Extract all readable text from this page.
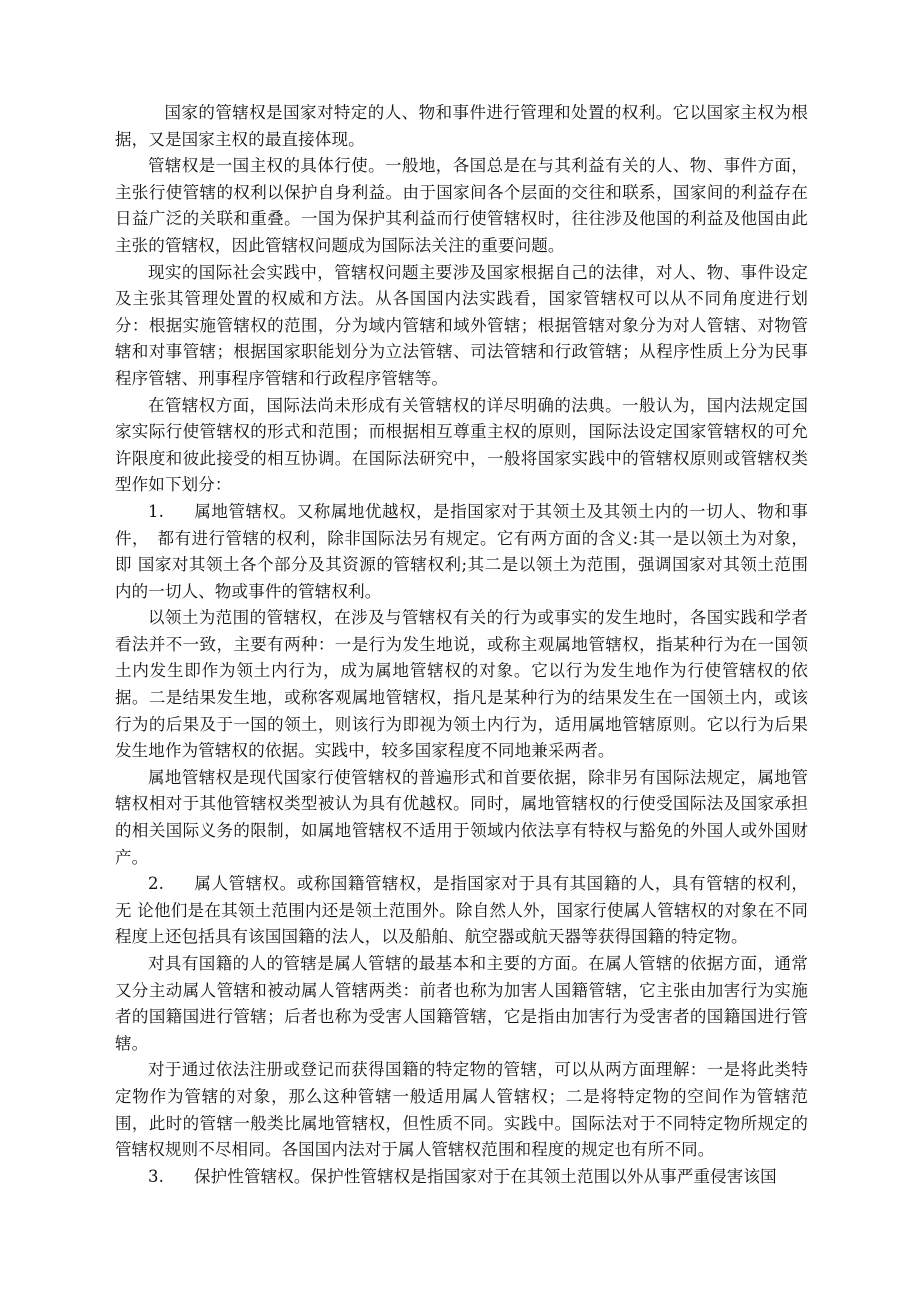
国家的管辖权是国家对特定的人、物和事件进行管理和处置的权利。它以国家主权为根据，又是国家主权的最直接体现。

管辖权是一国主权的具体行使。一般地，各国总是在与其利益有关的人、物、事件方面，主张行使管辖的权利以保护自身利益。由于国家间各个层面的交往和联系，国家间的利益存在日益广泛的关联和重叠。一国为保护其利益而行使管辖权时，往往涉及他国的利益及他国由此主张的管辖权，因此管辖权问题成为国际法关注的重要问题。

现实的国际社会实践中，管辖权问题主要涉及国家根据自己的法律，对人、物、事件设定及主张其管理处置的权威和方法。从各国国内法实践看，国家管辖权可以从不同角度进行划分：根据实施管辖权的范围，分为域内管辖和域外管辖；根据管辖对象分为对人管辖、对物管辖和对事管辖；根据国家职能划分为立法管辖、司法管辖和行政管辖；从程序性质上分为民事程序管辖、刑事程序管辖和行政程序管辖等。

在管辖权方面，国际法尚未形成有关管辖权的详尽明确的法典。一般认为，国内法规定国家实际行使管辖权的形式和范围；而根据相互尊重主权的原则，国际法设定国家管辖权的可允许限度和彼此接受的相互协调。在国际法研究中，一般将国家实践中的管辖权原则或管辖权类型作如下划分：

1. 属地管辖权。又称属地优越权，是指国家对于其领土及其领土内的一切人、物和事件，　都有进行管辖的权利，除非国际法另有规定。它有两方面的含义:其一是以领土为对象，即 国家对其领土各个部分及其资源的管辖权利;其二是以领土为范围，强调国家对其领土范围 内的一切人、物或事件的管辖权利。

以领土为范围的管辖权，在涉及与管辖权有关的行为或事实的发生地时，各国实践和学者看法并不一致，主要有两种：一是行为发生地说，或称主观属地管辖权，指某种行为在一国领土内发生即作为领土内行为，成为属地管辖权的对象。它以行为发生地作为行使管辖权的依据。二是结果发生地，或称客观属地管辖权，指凡是某种行为的结果发生在一国领土内，或该行为的后果及于一国的领土，则该行为即视为领土内行为，适用属地管辖原则。它以行为后果发生地作为管辖权的依据。实践中，较多国家程度不同地兼采两者。

属地管辖权是现代国家行使管辖权的普遍形式和首要依据，除非另有国际法规定，属地管辖权相对于其他管辖权类型被认为具有优越权。同时，属地管辖权的行使受国际法及国家承担的相关国际义务的限制，如属地管辖权不适用于领域内依法享有特权与豁免的外国人或外国财产。

2. 属人管辖权。或称国籍管辖权，是指国家对于具有其国籍的人，具有管辖的权利，无 论他们是在其领土范围内还是领土范围外。除自然人外，国家行使属人管辖权的对象在不同 程度上还包括具有该国国籍的法人，以及船舶、航空器或航天器等获得国籍的特定物。

对具有国籍的人的管辖是属人管辖的最基本和主要的方面。在属人管辖的依据方面，通常又分主动属人管辖和被动属人管辖两类：前者也称为加害人国籍管辖，它主张由加害行为实施者的国籍国进行管辖；后者也称为受害人国籍管辖，它是指由加害行为受害者的国籍国进行管辖。

对于通过依法注册或登记而获得国籍的特定物的管辖，可以从两方面理解：一是将此类特定物作为管辖的对象，那么这种管辖一般适用属人管辖权；二是将特定物的空间作为管辖范围，此时的管辖一般类比属地管辖权，但性质不同。实践中。国际法对于不同特定物所规定的管辖权规则不尽相同。各国国内法对于属人管辖权范围和程度的规定也有所不同。

3. 保护性管辖权。保护性管辖权是指国家对于在其领土范围以外从事严重侵害该国
